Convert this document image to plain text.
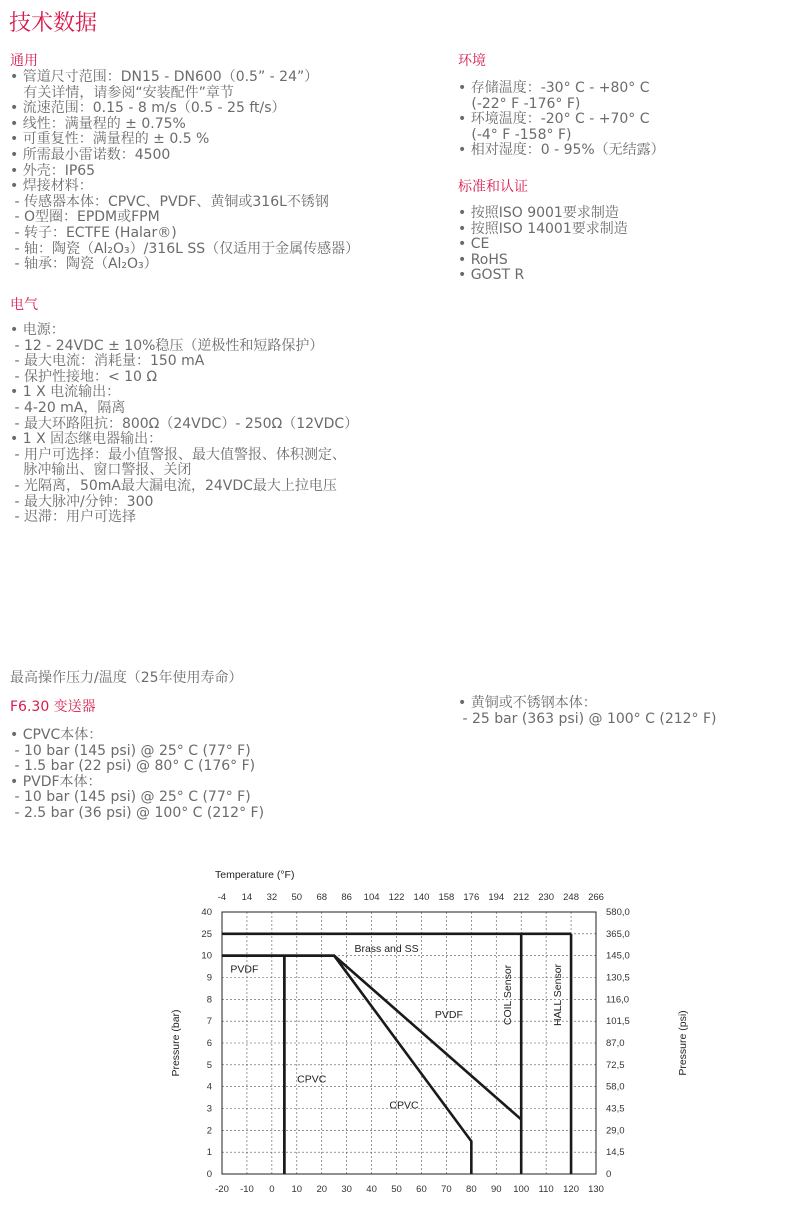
技术数据
通用
• 管道尺寸范围：DN15 - DN600（0.5” - 24”）
有关详情，请参阅“安装配件”章节
• 流速范围：0.15 - 8 m/s（0.5 - 25 ft/s）
• 线性：满量程的 ± 0.75%
• 可重复性：满量程的 ± 0.5 %
• 所需最小雷诺数：4500
• 外壳：IP65
• 焊接材料：
- 传感器本体：CPVC、PVDF、黄铜或316L不锈钢
- O型圈：EPDM或FPM
- 转子：ECTFE (Halar®)
- 轴：陶瓷（Al₂O₃）/316L SS（仅适用于金属传感器）
- 轴承：陶瓷（Al₂O₃）
电气
• 电源：
- 12 - 24VDC ± 10%稳压（逆极性和短路保护）
- 最大电流：消耗量：150 mA
- 保护性接地：< 10 Ω
• 1 X 电流输出：
- 4-20 mA，隔离
- 最大环路阻抗：800Ω（24VDC）- 250Ω（12VDC）
• 1 X 固态继电器输出：
- 用户可选择：最小值警报、最大值警报、体积测定、
脉冲输出、窗口警报、关闭
- 光隔离，50mA最大漏电流，24VDC最大上拉电压
- 最大脉冲/分钟：300
- 迟滞：用户可选择
环境
• 存储温度：-30° C - +80° C
(-22° F -176° F)
• 环境温度：-20° C - +70° C
(-4° F -158° F)
• 相对湿度：0 - 95%（无结露）
标准和认证
• 按照ISO 9001要求制造
• 按照ISO 14001要求制造
• CE
• RoHS
• GOST R
最高操作压力/温度（25年使用寿命）
F6.30 变送器
• CPVC本体：
- 10 bar (145 psi) @ 25° C (77° F)
- 1.5 bar (22 psi) @ 80° C (176° F)
• PVDF本体：
- 10 bar (145 psi) @ 25° C (77° F)
- 2.5 bar (36 psi) @ 100° C (212° F)
• 黄铜或不锈钢本体：
- 25 bar (363 psi) @ 100° C (212° F)
Temperature (°F)
-20 -10 0 10 20 30 40 50 60 70 80 90 100 110 120 130
-4 14 32 50 68 86 104 122 140 158 176 194 212 230 248 266
0
1
2
3
4
5
6
7
8
9
10
25
40
0
14,5
29,0
43,5
58,0
72,5
87,0
101,5
116,0
130,5
145,0
365,0
580,0
Pressure (bar)	Pressure (psi)
Brass and SS
PVDF
CPVC
PVDF
CPVC
COIL Sensor	HALL Sensor
